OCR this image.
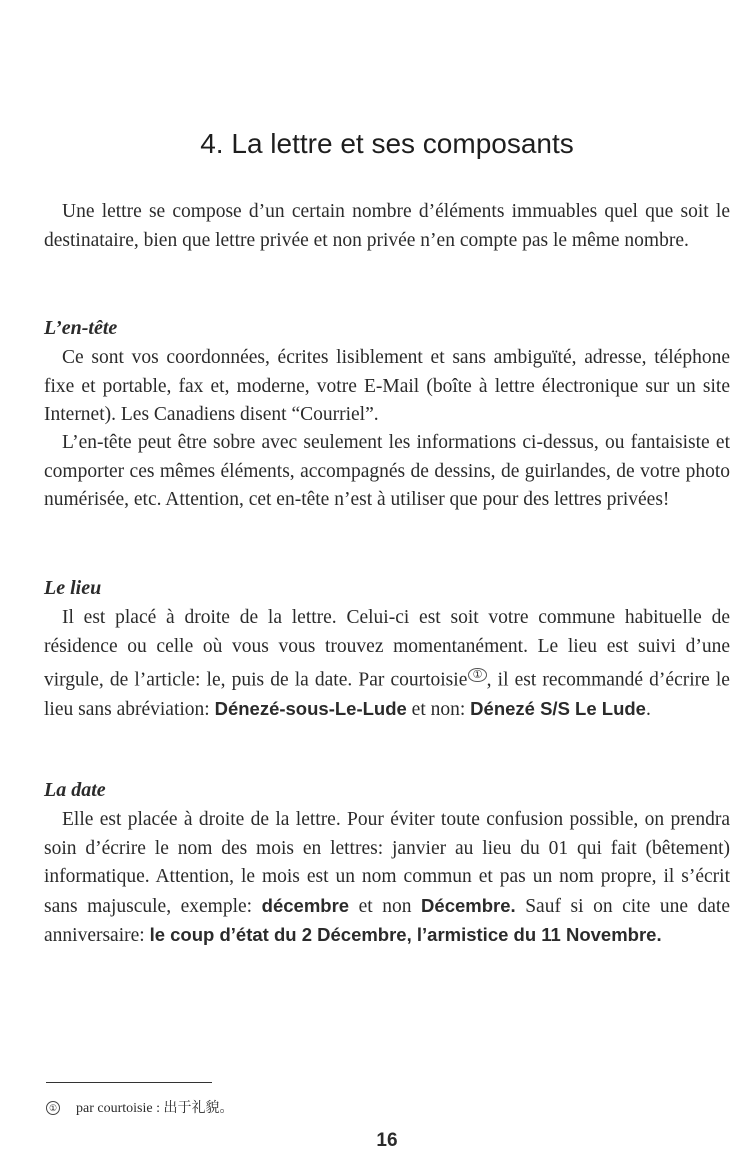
4. La lettre et ses composants

Une lettre se compose d’un certain nombre d’éléments immuables quel que soit le destinataire, bien que lettre privée et non privée n’en compte pas le même nombre.

L’en-tête

Ce sont vos coordonnées, écrites lisiblement et sans ambiguïté, adresse, téléphone fixe et portable, fax et, moderne, votre E-Mail (boîte à lettre électronique sur un site Internet). Les Canadiens disent “Courriel”.

L’en-tête peut être sobre avec seulement les informations ci-dessus, ou fantaisiste et comporter ces mêmes éléments, accompagnés de dessins, de guirlandes, de votre photo numérisée, etc. Attention, cet en-tête n’est à utiliser que pour des lettres privées!

Le lieu

Il est placé à droite de la lettre. Celui-ci est soit votre commune habituelle de résidence ou celle où vous vous trouvez momentanément. Le lieu est suivi d’une virgule, de l’article: le, puis de la date. Par courtoisie ① , il est recommandé d’écrire le lieu sans abréviation: Dénezé-sous-Le-Lude et non: Dénezé S/S Le Lude.

La date

Elle est placée à droite de la lettre. Pour éviter toute confusion possible, on prendra soin d’écrire le nom des mois en lettres: janvier au lieu du 01 qui fait (bêtement) informatique. Attention, le mois est un nom commun et pas un nom propre, il s’écrit sans majuscule, exemple: décembre et non Décembre. Sauf si on cite une date anniversaire: le coup d’état du 2 Décembre, l’armistice du 11 Novembre.

① par courtoisie : 出于礼貌。
16
